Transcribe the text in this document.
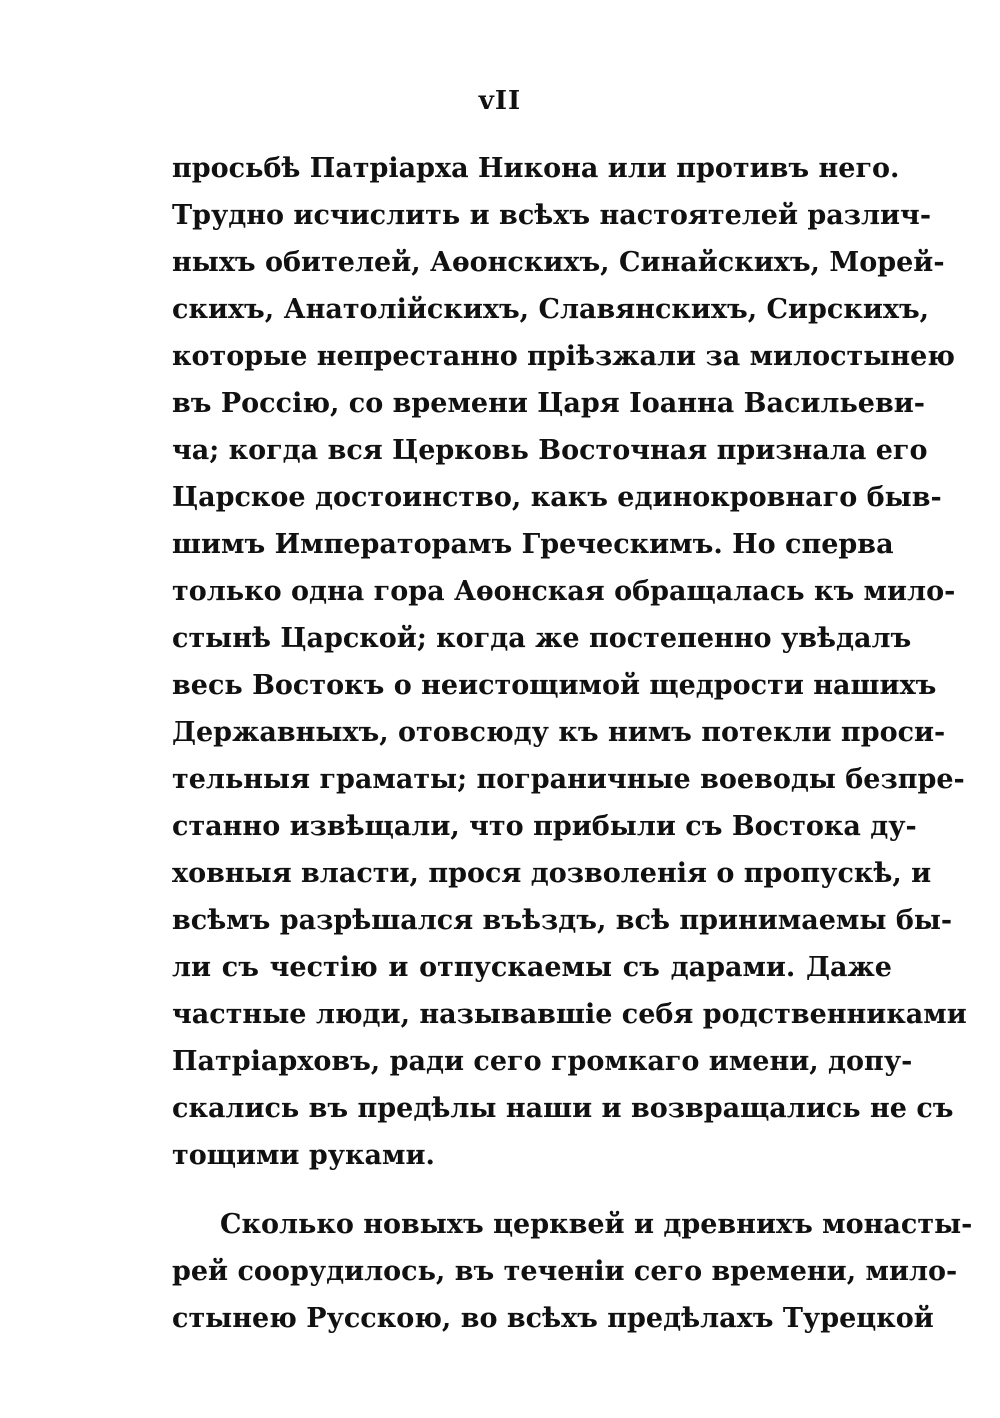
vII
просьбѣ Патріарха Никона или противъ него.
Трудно исчислить и всѣхъ настоятелей различ-
ныхъ обителей, Аѳонскихъ, Синайскихъ, Морей-
скихъ, Анатолійскихъ, Славянскихъ, Сирскихъ,
которые непрестанно пріѣзжали за милостынею
въ Россію, со времени Царя Іоанна Васильеви-
ча; когда вся Церковь Восточная признала его
Царское достоинство, какъ единокровнаго быв-
шимъ Императорамъ Греческимъ. Но сперва
только одна гора Аѳонская обращалась къ мило-
стынѣ Царской; когда же постепенно увѣдалъ
весь Востокъ о неистощимой щедрости нашихъ
Державныхъ, отовсюду къ нимъ потекли проси-
тельныя граматы; пограничные воеводы безпре-
станно извѣщали, что прибыли съ Востока ду-
ховныя власти, прося дозволенія о пропускѣ, и
всѣмъ разрѣшался въѣздъ, всѣ принимаемы бы-
ли съ честію и отпускаемы съ дарами. Даже
частные люди, называвшіе себя родственниками
Патріарховъ, ради сего громкаго имени, допу-
скались въ предѣлы наши и возвращались не съ
тощими руками.
Сколько новыхъ церквей и древнихъ монасты-
рей соорудилось, въ теченіи сего времени, мило-
стынею Русскою, во всѣхъ предѣлахъ Турецкой
